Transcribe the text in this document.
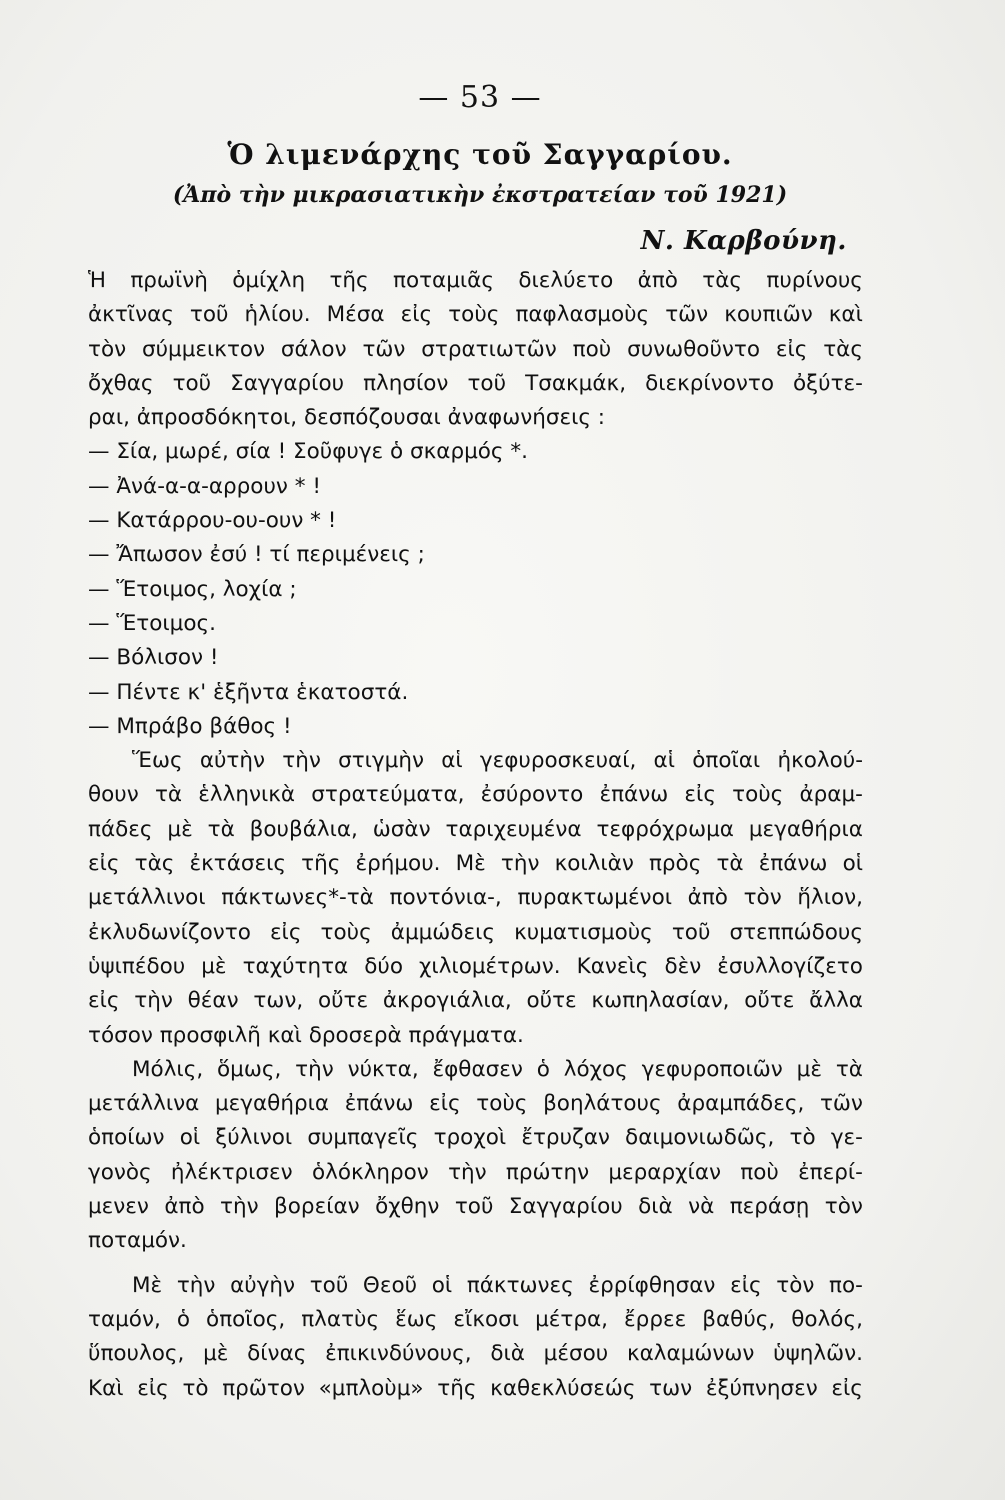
— 53 —
Ὁ λιμενάρχης τοῦ Σαγγαρίου.
(Ἀπὸ τὴν μικρασιατικὴν ἐκστρατείαν τοῦ 1921)
Ν. Καρβούνη.
Ἡ πρωϊνὴ ὁμίχλη τῆς ποταμιᾶς διελύετο ἀπὸ τὰς πυρίνους
ἀκτῖνας τοῦ ἡλίου. Μέσα εἰς τοὺς παφλασμοὺς τῶν κουπιῶν καὶ
τὸν σύμμεικτον σάλον τῶν στρατιωτῶν ποὺ συνωθοῦντο εἰς τὰς
ὄχθας τοῦ Σαγγαρίου πλησίον τοῦ Τσακμάκ, διεκρίνοντο ὀξύτε-
ραι, ἀπροσδόκητοι, δεσπόζουσαι ἀναφωνήσεις :
— Σία, μωρέ, σία ! Σοῦφυγε ὁ σκαρμός *.
— Ἀνά-α-α-αρρουν * !
— Κατάρρου-ου-ουν * !
— Ἄπωσον ἐσύ ! τί περιμένεις ;
— Ἕτοιμος, λοχία ;
— Ἕτοιμος.
— Βόλισον !
— Πέντε κ' ἑξῆντα ἑκατοστά.
— Μπράβο βάθος !
Ἕως αὐτὴν τὴν στιγμὴν αἱ γεφυροσκευαί, αἱ ὁποῖαι ἠκολού-
θουν τὰ ἑλληνικὰ στρατεύματα, ἐσύροντο ἐπάνω εἰς τοὺς ἀραμ-
πάδες μὲ τὰ βουβάλια, ὡσὰν ταριχευμένα τεφρόχρωμα μεγαθήρια
εἰς τὰς ἐκτάσεις τῆς ἐρήμου. Μὲ τὴν κοιλιὰν πρὸς τὰ ἐπάνω οἱ
μετάλλινοι πάκτωνες*-τὰ ποντόνια-, πυρακτωμένοι ἀπὸ τὸν ἥλιον,
ἐκλυδωνίζοντο εἰς τοὺς ἀμμώδεις κυματισμοὺς τοῦ στεππώδους
ὑψιπέδου μὲ ταχύτητα δύο χιλιομέτρων. Κανεὶς δὲν ἐσυλλογίζετο
εἰς τὴν θέαν των, οὔτε ἀκρογιάλια, οὔτε κωπηλασίαν, οὔτε ἄλλα
τόσον προσφιλῆ καὶ δροσερὰ πράγματα.
Μόλις, ὅμως, τὴν νύκτα, ἔφθασεν ὁ λόχος γεφυροποιῶν μὲ τὰ
μετάλλινα μεγαθήρια ἐπάνω εἰς τοὺς βοηλάτους ἀραμπάδες, τῶν
ὁποίων οἱ ξύλινοι συμπαγεῖς τροχοὶ ἔτρυζαν δαιμονιωδῶς, τὸ γε-
γονὸς ἠλέκτρισεν ὁλόκληρον τὴν πρώτην μεραρχίαν ποὺ ἐπερί-
μενεν ἀπὸ τὴν βορείαν ὄχθην τοῦ Σαγγαρίου διὰ νὰ περάσῃ τὸν
ποταμόν.
Μὲ τὴν αὐγὴν τοῦ Θεοῦ οἱ πάκτωνες ἐρρίφθησαν εἰς τὸν πο-
ταμόν, ὁ ὁποῖος, πλατὺς ἕως εἴκοσι μέτρα, ἔρρεε βαθύς, θολός,
ὕπουλος, μὲ δίνας ἐπικινδύνους, διὰ μέσου καλαμώνων ὑψηλῶν.
Καὶ εἰς τὸ πρῶτον «μπλοὺμ» τῆς καθεκλύσεώς των ἐξύπνησεν εἰς
